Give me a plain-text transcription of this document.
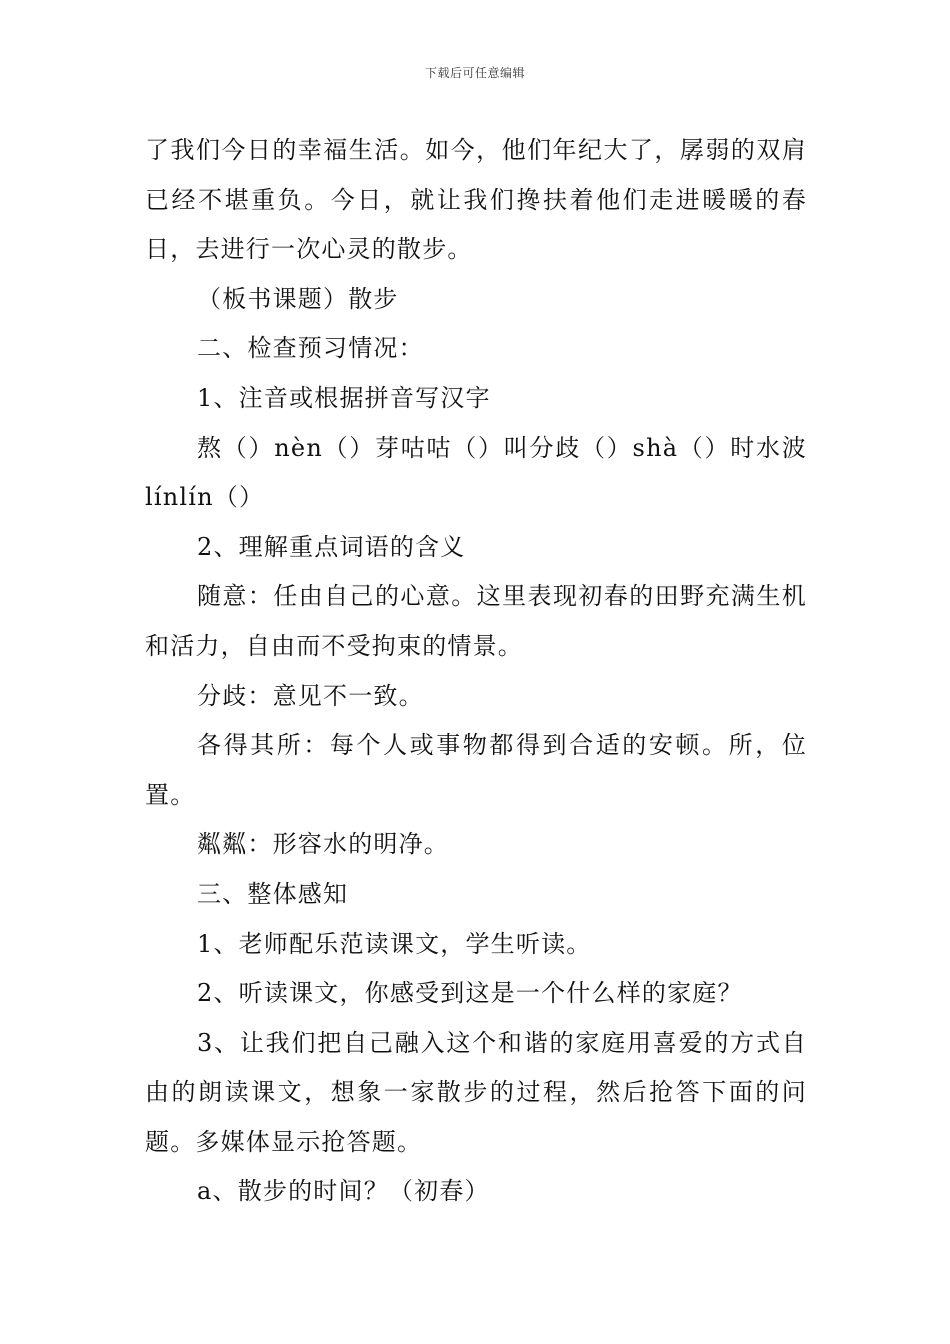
下载后可任意编辑

了我们今日的幸福生活。如今，他们年纪大了，孱弱的双肩已经不堪重负。今日，就让我们搀扶着他们走进暖暖的春日，去进行一次心灵的散步。

（板书课题）散步

二、检查预习情况：

1、注音或根据拼音写汉字

熬（）nèn（）芽咕咕（）叫分歧（）shà（）时水波línlín（）

2、理解重点词语的含义

随意：任由自己的心意。这里表现初春的田野充满生机和活力，自由而不受拘束的情景。

分歧：意见不一致。

各得其所：每个人或事物都得到合适的安顿。所，位置。

粼粼：形容水的明净。

三、整体感知

1、老师配乐范读课文，学生听读。

2、听读课文，你感受到这是一个什么样的家庭？

3、让我们把自己融入这个和谐的家庭用喜爱的方式自由的朗读课文，想象一家散步的过程，然后抢答下面的问题。多媒体显示抢答题。

a、散步的时间？（初春）
